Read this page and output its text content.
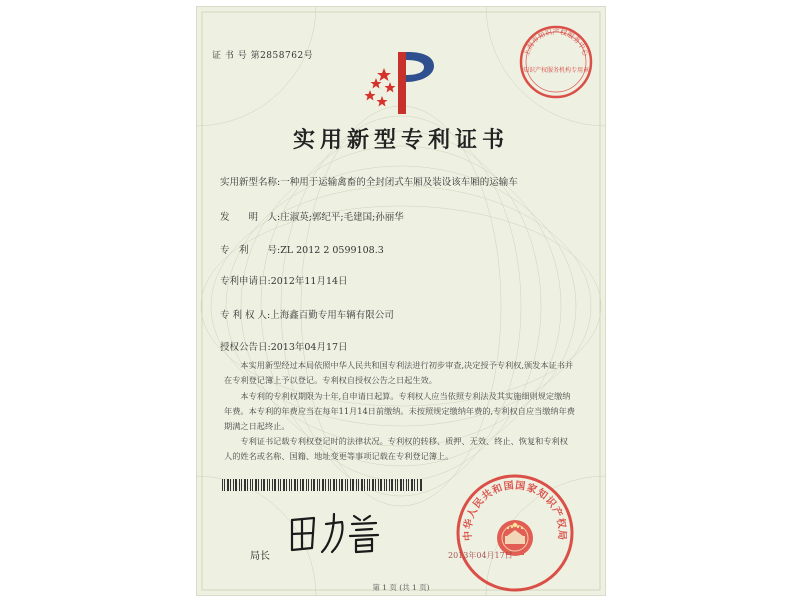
证 书 号 第2858762号	上海市知识产权服务中心
知识产权服务机构专用章
实用新型专利证书
实用新型名称:一种用于运输禽畜的全封闭式车厢及装设该车厢的运输车
发　　明　人:庄淑英;郭纪平;毛建国;孙丽华
专　利　　号:ZL 2012 2 0599108.3
专利申请日:2012年11月14日
专 利 权 人:上海鑫百勤专用车辆有限公司
授权公告日:2013年04月17日
本实用新型经过本局依照中华人民共和国专利法进行初步审查,决定授予专利权,颁发本证书并在专利登记簿上予以登记。专利权自授权公告之日起生效。
本专利的专利权期限为十年,自申请日起算。专利权人应当依照专利法及其实施细则规定缴纳年费。本专利的年费应当在每年11月14日前缴纳。未按照规定缴纳年费的,专利权自应当缴纳年费期满之日起终止。
专利证书记载专利权登记时的法律状况。专利权的转移、质押、无效、终止、恢复和专利权人的姓名或名称、国籍、地址变更等事项记载在专利登记簿上。
局长
田力普
中华人民共和国国家知识产权局
2013年04月17日
第 1 页 (共 1 页)
